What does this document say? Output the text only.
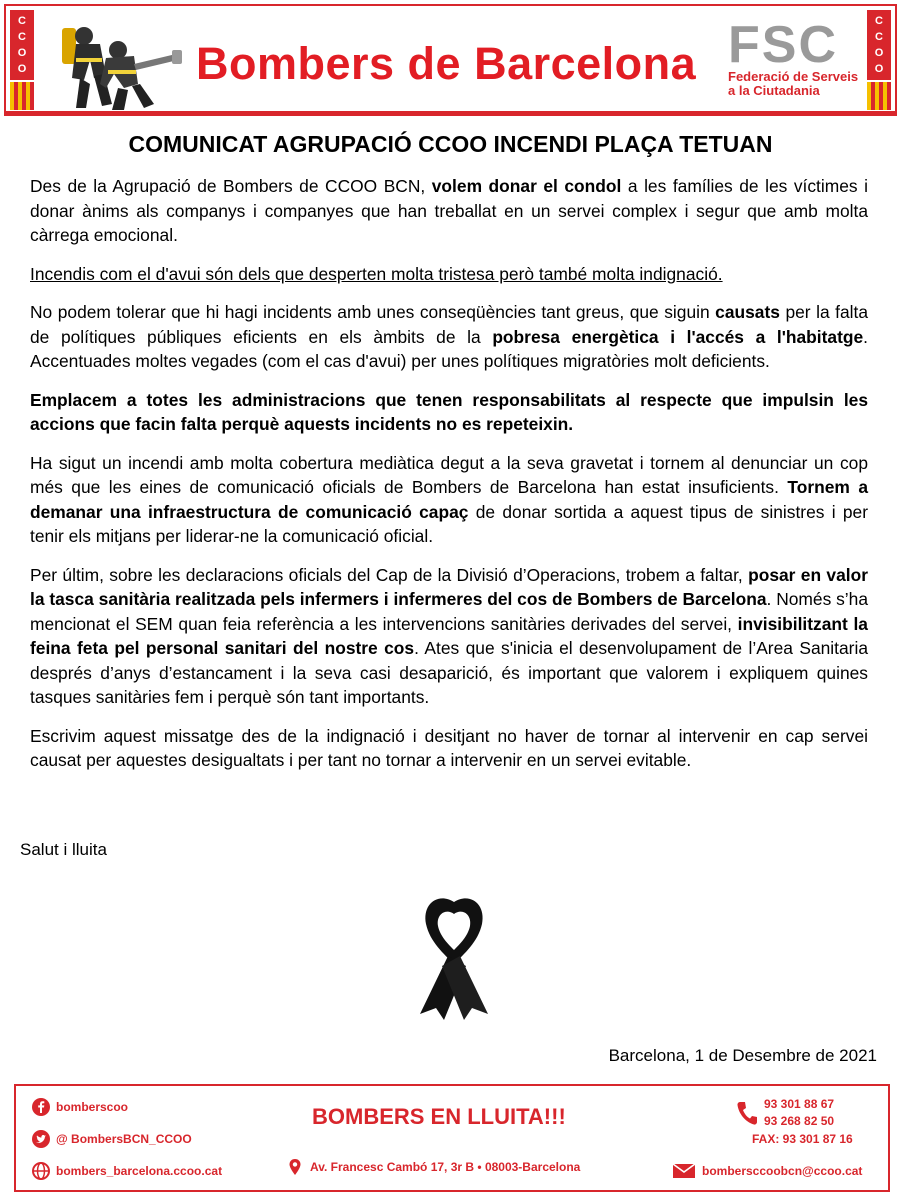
C
C
O
O	Bombers de Barcelona FSC
Federació de Serveis
a la Ciutadania
C
C
O
O
COMUNICAT AGRUPACIÓ CCOO INCENDI PLAÇA TETUAN

Des de la Agrupació de Bombers de CCOO BCN, volem donar el condol a les famílies de les víctimes i donar ànims als companys i companyes que han treballat en un servei complex i segur que amb molta càrrega emocional.

Incendis com el d'avui són dels que desperten molta tristesa però també molta indignació.

No podem tolerar que hi hagi incidents amb unes conseqüències tant greus, que siguin causats per la falta de polítiques públiques eficients en els àmbits de la pobresa energètica i l'accés a l'habitatge. Accentuades moltes vegades (com el cas d'avui) per unes polítiques migratòries molt deficients.

Emplacem a totes les administracions que tenen responsabilitats al respecte que impulsin les accions que facin falta perquè aquests incidents no es repeteixin.

Ha sigut un incendi amb molta cobertura mediàtica degut a la seva gravetat i tornem al denunciar un cop més que les eines de comunicació oficials de Bombers de Barcelona han estat insuficients. Tornem a demanar una infraestructura de comunicació capaç de donar sortida a aquest tipus de sinistres i per tenir els mitjans per liderar-ne la comunicació oficial.

Per últim, sobre les declaracions oficials del Cap de la Divisió d’Operacions, trobem a faltar, posar en valor la tasca sanitària realitzada pels infermers i infermeres del cos de Bombers de Barcelona. Només s’ha mencionat el SEM quan feia referència a les intervencions sanitàries derivades del servei, invisibilitzant la feina feta pel personal sanitari del nostre cos. Ates que s'inicia el desenvolupament de l’Area Sanitaria després d’anys d’estancament i la seva casi desaparició, és important que valorem i expliquem quines tasques sanitàries fem i perquè són tant importants.

Escrivim aquest missatge des de la indignació i desitjant no haver de tornar al intervenir en cap servei causat per aquestes desigualtats i per tant no tornar a intervenir en un servei evitable.

Salut i lluita
Barcelona, 1 de Desembre de 2021
bomberscoo
@ BombersBCN_CCOO
bombers_barcelona.ccoo.cat
BOMBERS EN LLUITA!!!
Av. Francesc Cambó 17, 3r B • 08003-Barcelona
93 301 88 67
93 268 82 50
FAX: 93 301 87 16
bombersccoobcn@ccoo.cat
